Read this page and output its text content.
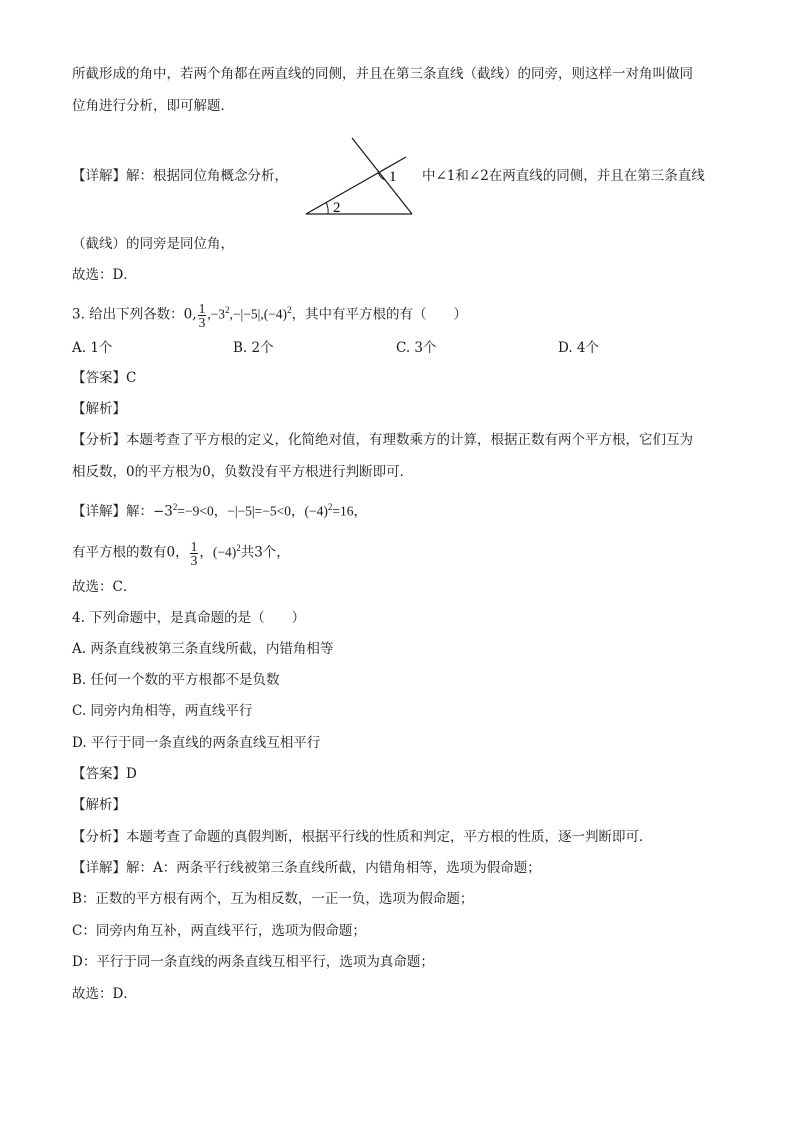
所截形成的角中，若两个角都在两直线的同侧，并且在第三条直线（截线）的同旁，则这样一对角叫做同
位角进行分析，即可解题．
【详解】解：根据同位角概念分析，	1
2
中∠1和∠2在两直线的同侧，并且在第三条直线
（截线）的同旁是同位角，
故选：D．
3. 给出下列各数：0, $\frac{1}{3} ,-3^2,-|-5|,(-4)^2$，其中有平方根的有（　　）
A. 1个	B. 2个	C. 3个	D. 4个
【答案】C
【解析】
【分析】本题考查了平方根的定义，化简绝对值，有理数乘方的计算，根据正数有两个平方根，它们互为
相反数，0的平方根为0，负数没有平方根进行判断即可．
【详解】解：$-3^2=-9<0$，−|−5|=−5<0，$(-4)^2=16$，
有平方根的数有0， $\frac{1}{3}$ ，$(-4)^2$共3个，
故选：C．
4. 下列命题中，是真命题的是（　　）
A. 两条直线被第三条直线所截，内错角相等
B. 任何一个数的平方根都不是负数
C. 同旁内角相等，两直线平行
D. 平行于同一条直线的两条直线互相平行
【答案】D
【解析】
【分析】本题考查了命题的真假判断，根据平行线的性质和判定，平方根的性质，逐一判断即可．
【详解】解：A：两条平行线被第三条直线所截，内错角相等，选项为假命题；
B：正数的平方根有两个，互为相反数，一正一负，选项为假命题；
C：同旁内角互补，两直线平行，选项为假命题；
D：平行于同一条直线的两条直线互相平行，选项为真命题；
故选：D．
